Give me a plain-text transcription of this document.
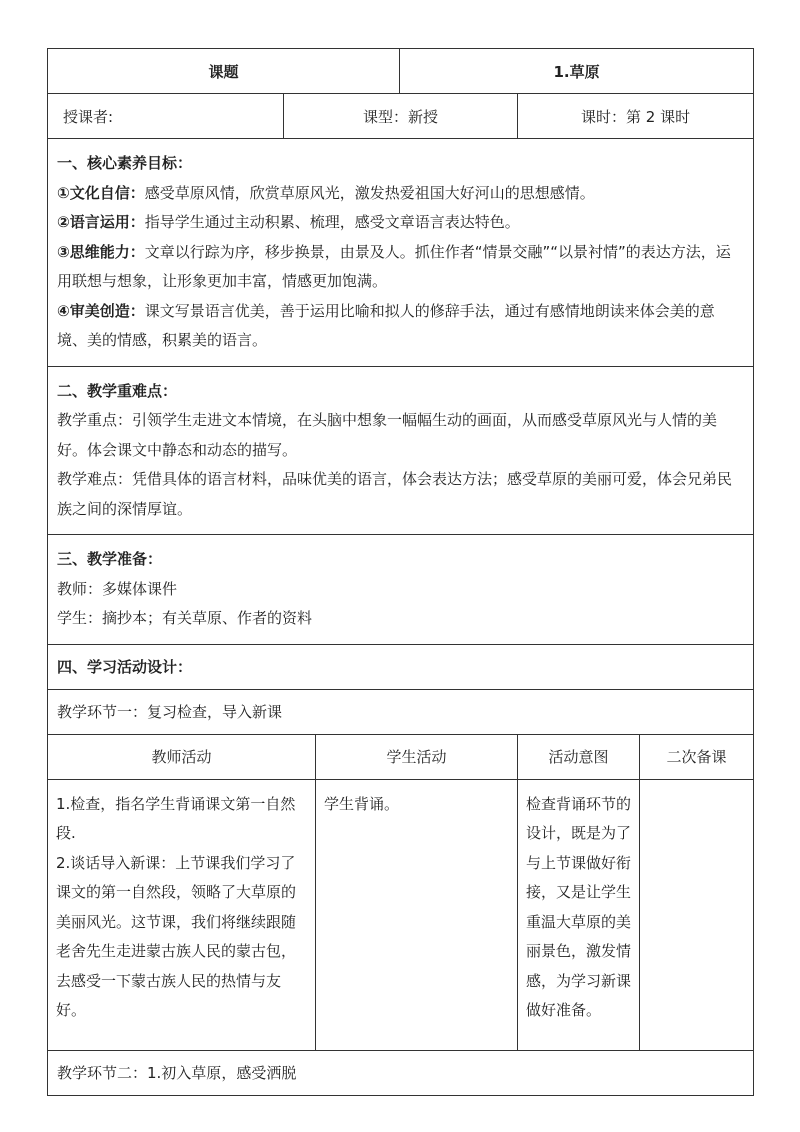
课题			1.草原		
授课者:	课型：新授			课时：第 2 课时	

一、核心素养目标：

①文化自信：感受草原风情，欣赏草原风光，激发热爱祖国大好河山的思想感情。

②语言运用：指导学生通过主动积累、梳理，感受文章语言表达特色。

③思维能力：文章以行踪为序，移步换景，由景及人。抓住作者“情景交融”“以景衬情”的表达方法，运用联想与想象，让形象更加丰富，情感更加饱满。

④审美创造：课文写景语言优美，善于运用比喻和拟人的修辞手法，通过有感情地朗读来体会美的意境、美的情感，积累美的语言。					

二、教学重难点：

教学重点：引领学生走进文本情境，在头脑中想象一幅幅生动的画面，从而感受草原风光与人情的美好。体会课文中静态和动态的描写。

教学难点：凭借具体的语言材料，品味优美的语言，体会表达方法；感受草原的美丽可爱，体会兄弟民族之间的深情厚谊。					

三、教学准备：

教师：多媒体课件

学生：摘抄本；有关草原、作者的资料					

四、学习活动设计：					
教学环节一：复习检查，导入新课					
教师活动		学生活动		活动意图	二次备课

1.检查，指名学生背诵课文第一自然段.
2.谈话导入新课：上节课我们学习了课文的第一自然段，领略了大草原的美丽风光。这节课，我们将继续跟随老舍先生走进蒙古族人民的蒙古包，去感受一下蒙古族人民的热情与友好。		学生背诵。		检查背诵环节的设计，既是为了与上节课做好衔接，又是让学生重温大草原的美丽景色，激发情感，为学习新课做好准备。	
教学环节二：1.初入草原，感受洒脱					
